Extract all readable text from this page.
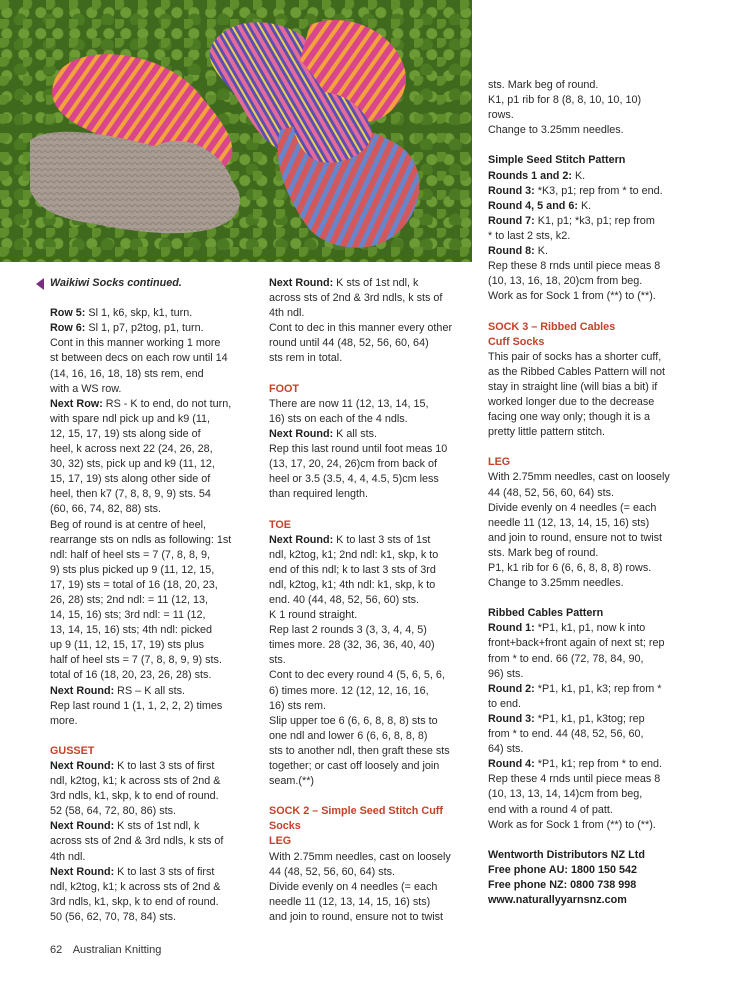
Waikiwi Socks continued.

Row 5: Sl 1, k6, skp, k1, turn.

Row 6: Sl 1, p7, p2tog, p1, turn.

Cont in this manner working 1 more

st between decs on each row until 14

(14, 16, 16, 18, 18) sts rem, end

with a WS row.

Next Row: RS - K to end, do not turn,

with spare ndl pick up and k9 (11,

12, 15, 17, 19) sts along side of

heel, k across next 22 (24, 26, 28,

30, 32) sts, pick up and k9 (11, 12,

15, 17, 19) sts along other side of

heel, then k7 (7, 8, 8, 9, 9) sts. 54

(60, 66, 74, 82, 88) sts.

Beg of round is at centre of heel,

rearrange sts on ndls as following: 1st

ndl: half of heel sts = 7 (7, 8, 8, 9,

9) sts plus picked up 9 (11, 12, 15,

17, 19) sts = total of 16 (18, 20, 23,

26, 28) sts; 2nd ndl: = 11 (12, 13,

14, 15, 16) sts; 3rd ndl: = 11 (12,

13, 14, 15, 16) sts; 4th ndl: picked

up 9 (11, 12, 15, 17, 19) sts plus

half of heel sts = 7 (7, 8, 8, 9, 9) sts.

total of 16 (18, 20, 23, 26, 28) sts.

Next Round: RS – K all sts.

Rep last round 1 (1, 1, 2, 2, 2) times

more.

GUSSET

Next Round: K to last 3 sts of first

ndl, k2tog, k1; k across sts of 2nd &

3rd ndls, k1, skp, k to end of round.

52 (58, 64, 72, 80, 86) sts.

Next Round: K sts of 1st ndl, k

across sts of 2nd & 3rd ndls, k sts of

4th ndl.

Next Round: K to last 3 sts of first

ndl, k2tog, k1; k across sts of 2nd &

3rd ndls, k1, skp, k to end of round.

50 (56, 62, 70, 78, 84) sts.

Next Round: K sts of 1st ndl, k

across sts of 2nd & 3rd ndls, k sts of

4th ndl.

Cont to dec in this manner every other

round until 44 (48, 52, 56, 60, 64)

sts rem in total.

FOOT

There are now 11 (12, 13, 14, 15,

16) sts on each of the 4 ndls.

Next Round: K all sts.

Rep this last round until foot meas 10

(13, 17, 20, 24, 26)cm from back of

heel or 3.5 (3.5, 4, 4, 4.5, 5)cm less

than required length.

TOE

Next Round: K to last 3 sts of 1st

ndl, k2tog, k1; 2nd ndl: k1, skp, k to

end of this ndl; k to last 3 sts of 3rd

ndl, k2tog, k1; 4th ndl: k1, skp, k to

end. 40 (44, 48, 52, 56, 60) sts.

K 1 round straight.

Rep last 2 rounds 3 (3, 3, 4, 4, 5)

times more. 28 (32, 36, 36, 40, 40)

sts.

Cont to dec every round 4 (5, 6, 5, 6,

6) times more. 12 (12, 12, 16, 16,

16) sts rem.

Slip upper toe 6 (6, 6, 8, 8, 8) sts to

one ndl and lower 6 (6, 6, 8, 8, 8)

sts to another ndl, then graft these sts

together; or cast off loosely and join

seam.(**)

SOCK 2 – Simple Seed Stitch Cuff

Socks

LEG

With 2.75mm needles, cast on loosely

44 (48, 52, 56, 60, 64) sts.

Divide evenly on 4 needles (= each

needle 11 (12, 13, 14, 15, 16) sts)

and join to round, ensure not to twist

sts. Mark beg of round.

K1, p1 rib for 8 (8, 8, 10, 10, 10)

rows.

Change to 3.25mm needles.

Simple Seed Stitch Pattern

Rounds 1 and 2: K.

Round 3: *K3, p1; rep from * to end.

Round 4, 5 and 6: K.

Round 7: K1, p1; *k3, p1; rep from

* to last 2 sts, k2.

Round 8: K.

Rep these 8 rnds until piece meas 8

(10, 13, 16, 18, 20)cm from beg.

Work as for Sock 1 from (**) to (**).

SOCK 3 – Ribbed Cables

Cuff Socks

This pair of socks has a shorter cuff,

as the Ribbed Cables Pattern will not

stay in straight line (will bias a bit) if

worked longer due to the decrease

facing one way only; though it is a

pretty little pattern stitch.

LEG

With 2.75mm needles, cast on loosely

44 (48, 52, 56, 60, 64) sts.

Divide evenly on 4 needles (= each

needle 11 (12, 13, 14, 15, 16) sts)

and join to round, ensure not to twist

sts. Mark beg of round.

P1, k1 rib for 6 (6, 6, 8, 8, 8) rows.

Change to 3.25mm needles.

Ribbed Cables Pattern

Round 1: *P1, k1, p1, now k into

front+back+front again of next st; rep

from * to end. 66 (72, 78, 84, 90,

96) sts.

Round 2: *P1, k1, p1, k3; rep from *

to end.

Round 3: *P1, k1, p1, k3tog; rep

from * to end. 44 (48, 52, 56, 60,

64) sts.

Round 4: *P1, k1; rep from * to end.

Rep these 4 rnds until piece meas 8

(10, 13, 13, 14, 14)cm from beg,

end with a round 4 of patt.

Work as for Sock 1 from (**) to (**).

Wentworth Distributors NZ Ltd

Free phone AU: 1800 150 542

Free phone NZ: 0800 738 998

www.naturallyyarnsnz.com

62 Australian Knitting
